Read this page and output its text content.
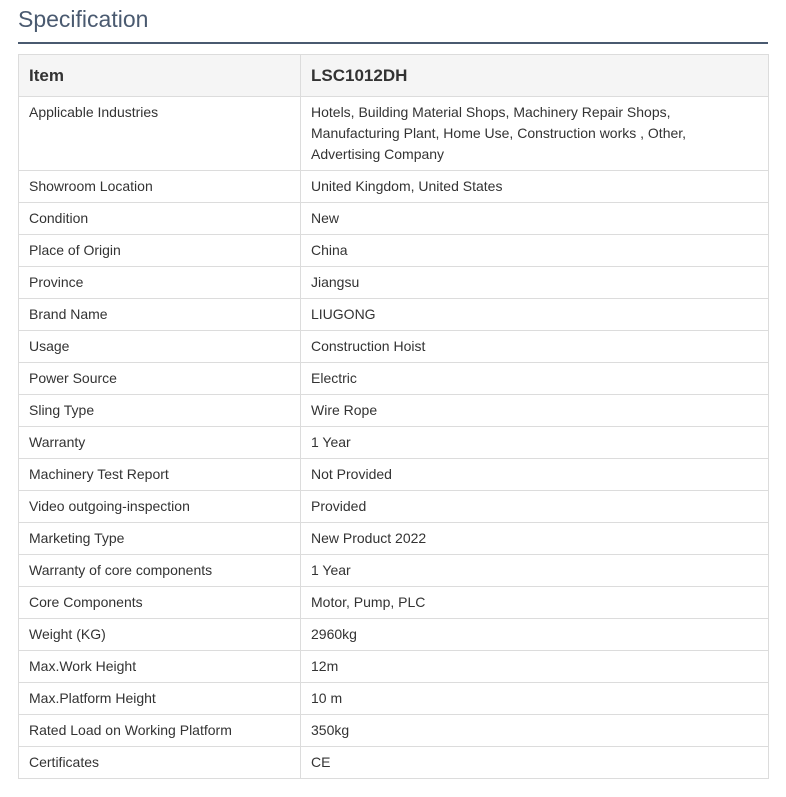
Specification
Item	LSC1012DH
Applicable Industries	Hotels, Building Material Shops, Machinery Repair Shops, Manufacturing Plant, Home Use, Construction works , Other, Advertising Company
Showroom Location	United Kingdom, United States
Condition	New
Place of Origin	China
Province	Jiangsu
Brand Name	LIUGONG
Usage	Construction Hoist
Power Source	Electric
Sling Type	Wire Rope
Warranty	1 Year
Machinery Test Report	Not Provided
Video outgoing-inspection	Provided
Marketing Type	New Product 2022
Warranty of core components	1 Year
Core Components	Motor, Pump, PLC
Weight (KG)	2960kg
Max.Work Height	12m
Max.Platform Height	10 m
Rated Load on Working Platform	350kg
Certificates	CE
